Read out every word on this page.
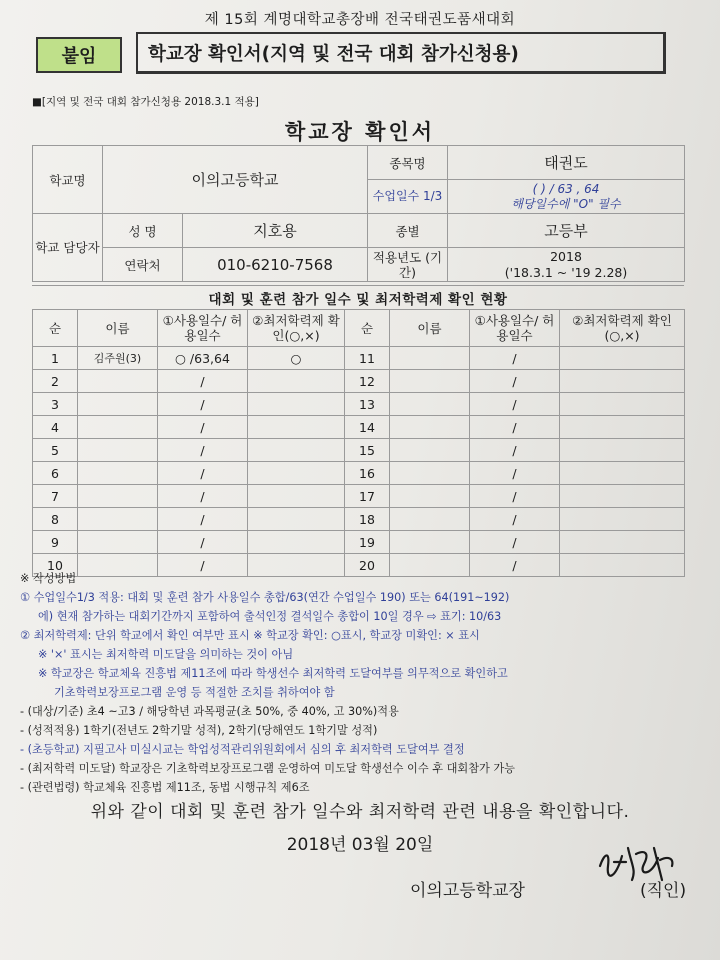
제 15회 계명대학교총장배 전국태권도품새대회
붙임	학교장 확인서(지역 및 전국 대회 참가신청용)
■[지역 및 전국 대회 참가신청용 2018.3.1 적용]
학교장 확인서
학교명	이의고등학교		종목명	태권도
			수업일수 1/3	( ) / 63 , 64
해당일수에 "O" 필수

학교 담당자	성 명	지호용	종별	고등부
	연락처	010-6210-7568	적용년도 (기간)	2018
('18.3.1 ~ '19 2.28)
대회 및 훈련 참가 일수 및 최저학력제 확인 현황
순	이름	①사용일수/ 허용일수	②최저학력제 확인(○,×)	순	이름	①사용일수/ 허용일수	②최저학력제 확인(○,×)
1	김주원(3)	○ /63,64	○	11		/	
2		/		12		/	
3		/		13		/	
4		/		14		/	
5		/		15		/	
6		/		16		/	
7		/		17		/	
8		/		18		/	
9		/		19		/	
10		/		20		/	

※ 작성방법

① 수업일수1/3 적용: 대회 및 훈련 참가 사용일수 총합/63(연간 수업일수 190) 또는 64(191~192)

에) 현재 참가하는 대회기간까지 포함하여 출석인정 결석일수 총합이 10일 경우 ⇨ 표기: 10/63

② 최저학력제: 단위 학교에서 확인 여부만 표시 ※ 학교장 확인: ○표시, 학교장 미확인: × 표시

※ '×' 표시는 최저학력 미도달을 의미하는 것이 아님

※ 학교장은 학교체육 진흥법 제11조에 따라 학생선수 최저학력 도달여부를 의무적으로 확인하고

기초학력보장프로그램 운영 등 적절한 조치를 취하여야 함

- (대상/기준) 초4 ~고3 / 해당학년 과목평균(초 50%, 중 40%, 고 30%)적용

- (성적적용) 1학기(전년도 2학기말 성적), 2학기(당해연도 1학기말 성적)

- (초등학교) 지필고사 미실시교는 학업성적관리위원회에서 심의 후 최저학력 도달여부 결정

- (최저학력 미도달) 학교장은 기초학력보장프로그램 운영하여 미도달 학생선수 이수 후 대회참가 가능

- (관련법령) 학교체육 진흥법 제11조, 동법 시행규칙 제6조

위와 같이 대회 및 훈련 참가 일수와 최저학력 관련 내용을 확인합니다.
2018년 03월 20일
이의고등학교장	(직인)
